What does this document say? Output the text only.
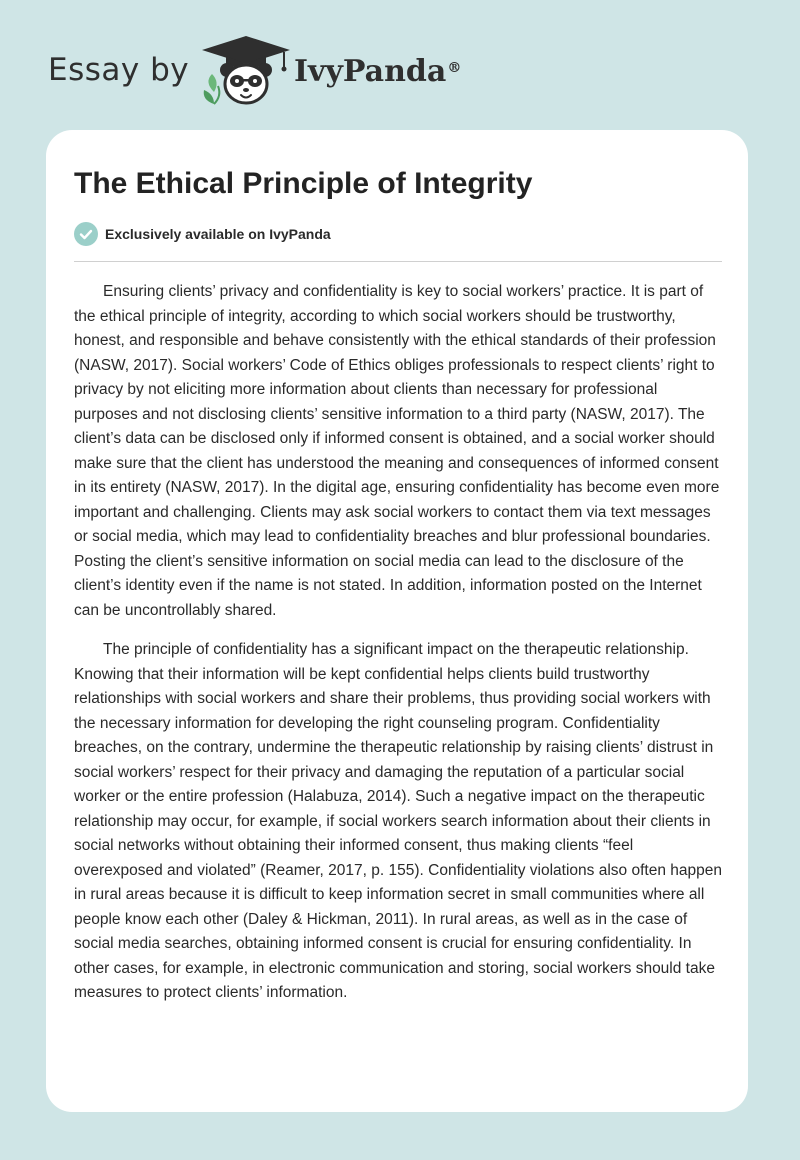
Essay by	IvyPanda®
The Ethical Principle of Integrity
Exclusively available on IvyPanda

Ensuring clients’ privacy and confidentiality is key to social workers’ practice. It is part of the ethical principle of integrity, according to which social workers should be trustworthy, honest, and responsible and behave consistently with the ethical standards of their profession (NASW, 2017). Social workers’ Code of Ethics obliges professionals to respect clients’ right to privacy by not eliciting more information about clients than necessary for professional purposes and not disclosing clients’ sensitive information to a third party (NASW, 2017). The client’s data can be disclosed only if informed consent is obtained, and a social worker should make sure that the client has understood the meaning and consequences of informed consent in its entirety (NASW, 2017). In the digital age, ensuring confidentiality has become even more important and challenging. Clients may ask social workers to contact them via text messages or social media, which may lead to confidentiality breaches and blur professional boundaries. Posting the client’s sensitive information on social media can lead to the disclosure of the client’s identity even if the name is not stated. In addition, information posted on the Internet can be uncontrollably shared.

The principle of confidentiality has a significant impact on the therapeutic relationship. Knowing that their information will be kept confidential helps clients build trustworthy relationships with social workers and share their problems, thus providing social workers with the necessary information for developing the right counseling program. Confidentiality breaches, on the contrary, undermine the therapeutic relationship by raising clients’ distrust in social workers’ respect for their privacy and damaging the reputation of a particular social worker or the entire profession (Halabuza, 2014). Such a negative impact on the therapeutic relationship may occur, for example, if social workers search information about their clients in social networks without obtaining their informed consent, thus making clients “feel overexposed and violated” (Reamer, 2017, p. 155). Confidentiality violations also often happen in rural areas because it is difficult to keep information secret in small communities where all people know each other (Daley & Hickman, 2011). In rural areas, as well as in the case of social media searches, obtaining informed consent is crucial for ensuring confidentiality. In other cases, for example, in electronic communication and storing, social workers should take measures to protect clients’ information.
